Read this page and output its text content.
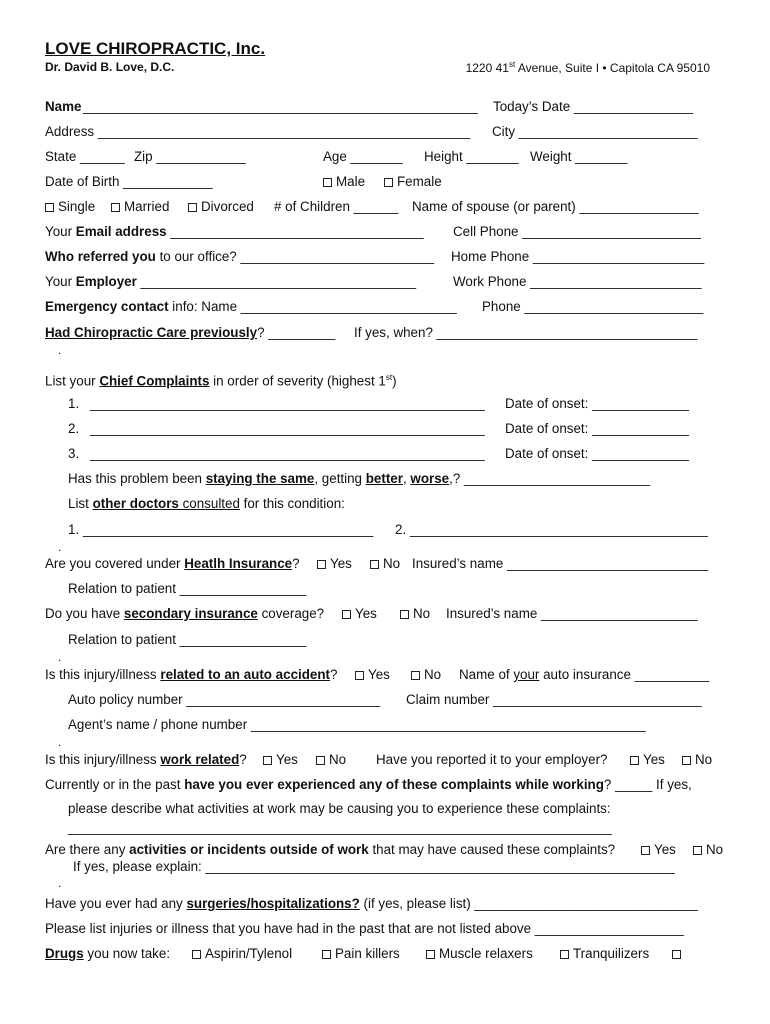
LOVE CHIROPRACTIC, Inc.
Dr. David B. Love, D.C.	1220 41st Avenue, Suite I • Capitola CA 95010
Name _____________________________________________________ Today’s Date ________________
Address __________________________________________________ City ________________________
State ______ Zip ____________	Age _______ Height _______ Weight _______
Date of Birth ____________	Male	Female
Single	Married	Divorced # of Children ______ Name of spouse (or parent) ________________
Your Email address __________________________________ Cell Phone ________________________
Who referred you to our office? __________________________ Home Phone _______________________
Your Employer _____________________________________	Work Phone _______________________
Emergency contact info: Name _____________________________ Phone ________________________
Had Chiropractic Care previously? _________ If yes, when? ___________________________________
.
List your Chief Complaints in order of severity (highest 1st)
1. _____________________________________________________ Date of onset: _____________
2. _____________________________________________________ Date of onset: _____________
3. _____________________________________________________ Date of onset: _____________
Has this problem been staying the same, getting better, worse,? _________________________
List other doctors consulted for this condition:
1. _______________________________________ 2. ________________________________________
.
Are you covered under Heatlh Insurance?	Yes	No Insured’s name ___________________________
Relation to patient _________________
Do you have secondary insurance coverage?	Yes	No Insured’s name _____________________
Relation to patient _________________
.
Is this injury/illness related to an auto accident?	Yes	No Name of your auto insurance __________
Auto policy number __________________________ Claim number ____________________________
Agent’s name / phone number _____________________________________________________
.
Is this injury/illness work related?	Yes	No Have you reported it to your employer?	Yes	No
Currently or in the past have you ever experienced any of these complaints while working? _____ If yes,
please describe what activities at work may be causing you to experience these complaints:
_________________________________________________________________________
Are there any activities or incidents outside of work that may have caused these complaints?	Yes	No
If yes, please explain: _______________________________________________________________
.
Have you ever had any surgeries/hospitalizations? (if yes, please list) ______________________________
Please list injuries or illness that you have had in the past that are not listed above ____________________
Drugs you now take:	Aspirin/Tylenol	Pain killers	Muscle relaxers	Tranquilizers
